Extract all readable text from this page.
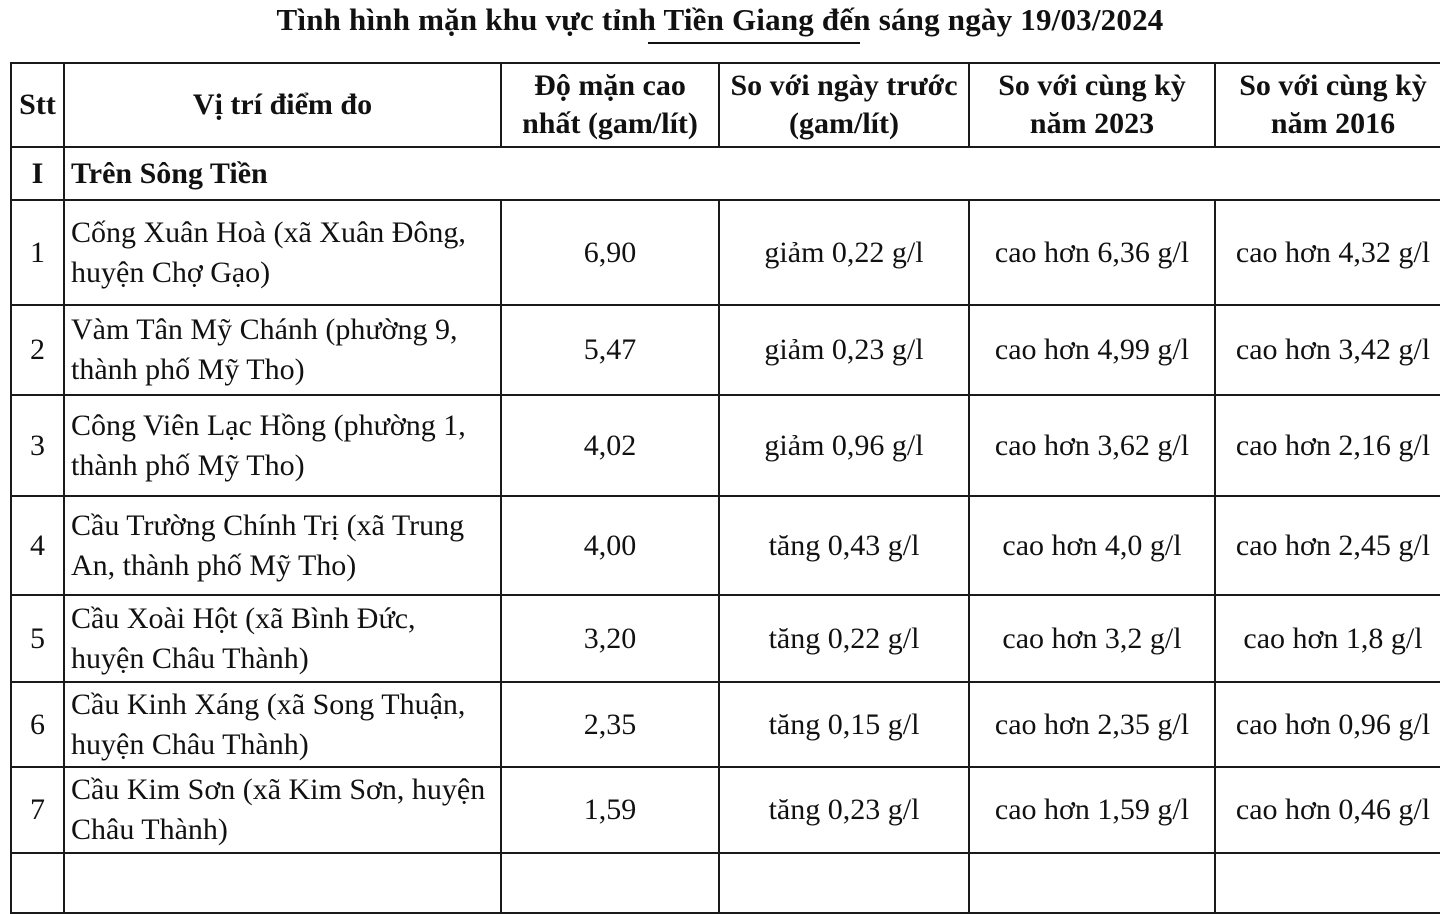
Tình hình mặn khu vực tỉnh Tiền Giang đến sáng ngày 19/03/2024
Stt	Vị trí điểm đo	Độ mặn cao nhất (gam/lít)	So với ngày trước (gam/lít)	So với cùng kỳ năm 2023	So với cùng kỳ năm 2016
I	Trên Sông Tiền				
1	Cống Xuân Hoà (xã Xuân Đông, huyện Chợ Gạo)	6,90	giảm 0,22 g/l	cao hơn 6,36 g/l	cao hơn 4,32 g/l
2	Vàm Tân Mỹ Chánh (phường 9, thành phố Mỹ Tho)	5,47	giảm 0,23 g/l	cao hơn 4,99 g/l	cao hơn 3,42 g/l
3	Công Viên Lạc Hồng (phường 1, thành phố Mỹ Tho)	4,02	giảm 0,96 g/l	cao hơn 3,62 g/l	cao hơn 2,16 g/l
4	Cầu Trường Chính Trị (xã Trung An, thành phố Mỹ Tho)	4,00	tăng 0,43 g/l	cao hơn 4,0 g/l	cao hơn 2,45 g/l
5	Cầu Xoài Hột (xã Bình Đức, huyện Châu Thành)	3,20	tăng 0,22 g/l	cao hơn 3,2 g/l	cao hơn 1,8 g/l
6	Cầu Kinh Xáng (xã Song Thuận, huyện Châu Thành)	2,35	tăng 0,15 g/l	cao hơn 2,35 g/l	cao hơn 0,96 g/l
7	Cầu Kim Sơn (xã Kim Sơn, huyện Châu Thành)	1,59	tăng 0,23 g/l	cao hơn 1,59 g/l	cao hơn 0,46 g/l
